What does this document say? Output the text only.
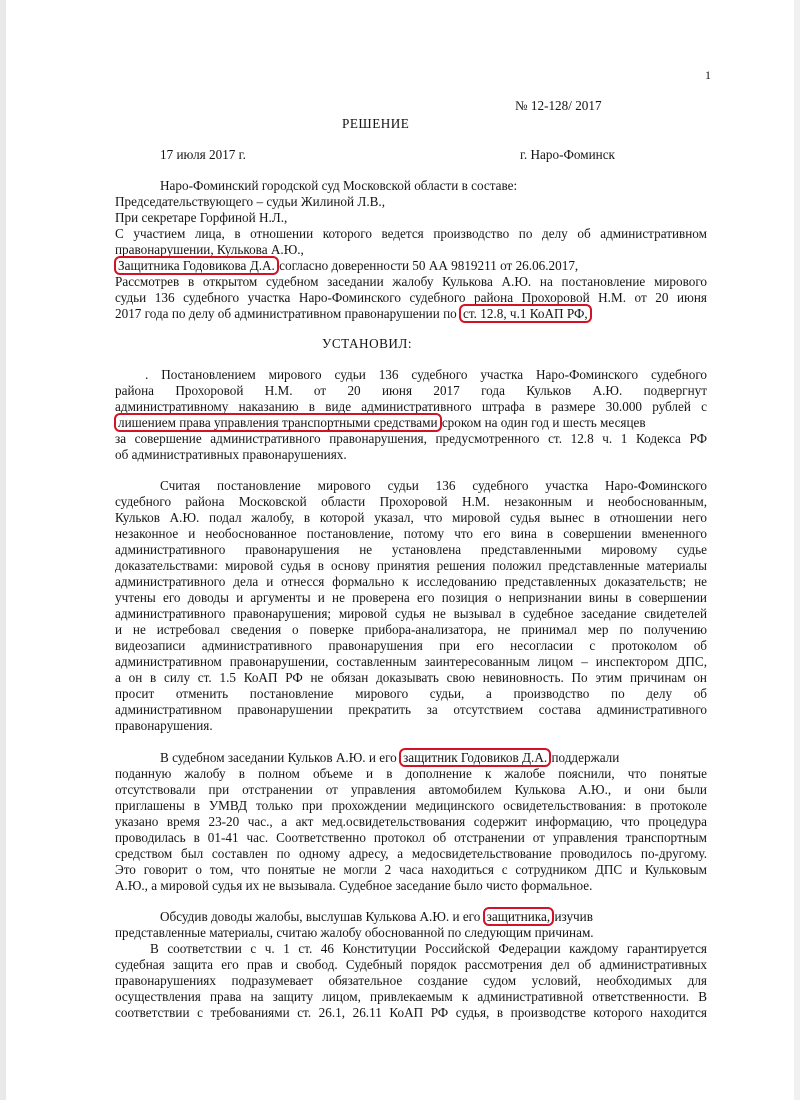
1
№ 12-128/ 2017
РЕШЕНИЕ
17 июля 2017 г.	г. Наро-Фоминск
Наро-Фоминский городской суд Московской области в составе:
Председательствующего – судьи Жилиной Л.В.,
При секретаре Горфиной Н.Л.,
С участием лица, в отношении которого ведется производство по делу об административном
правонарушении, Кулькова А.Ю.,
Защитника Годовикова Д.А. согласно доверенности 50 АА 9819211 от 26.06.2017,
Рассмотрев в открытом судебном заседании жалобу Кулькова А.Ю. на постановление мирового
судьи 136 судебного участка Наро-Фоминского судебного района Прохоровой Н.М. от 20 июня
2017 года по делу об административном правонарушении по ст. 12.8, ч.1 КоАП РФ,
УСТАНОВИЛ:
. Постановлением мирового судьи 136 судебного участка Наро-Фоминского судебного
района Прохоровой Н.М. от 20 июня 2017 года Кульков А.Ю. подвергнут
административному наказанию в виде административного штрафа в размере 30.000 рублей с
лишением права управления транспортными средствами сроком на один год и шесть месяцев
за совершение административного правонарушения, предусмотренного ст. 12.8 ч. 1 Кодекса РФ
об административных правонарушениях.
Считая постановление мирового судьи 136 судебного участка Наро-Фоминского
судебного района Московской области Прохоровой Н.М. незаконным и необоснованным,
Кульков А.Ю. подал жалобу, в которой указал, что мировой судья вынес в отношении него
незаконное и необоснованное постановление, потому что его вина в совершении вмененного
административного правонарушения не установлена представленными мировому судье
доказательствами: мировой судья в основу принятия решения положил представленные материалы
административного дела и отнесся формально к исследованию представленных доказательств; не
учтены его доводы и аргументы и не проверена его позиция о непризнании вины в совершении
административного правонарушения; мировой судья не вызывал в судебное заседание свидетелей
и не истребовал сведения о поверке прибора-анализатора, не принимал мер по получению
видеозаписи административного правонарушения при его несогласии с протоколом об
административном правонарушении, составленным заинтересованным лицом – инспектором ДПС,
а он в силу ст. 1.5 КоАП РФ не обязан доказывать свою невиновность. По этим причинам он
просит отменить постановление мирового судьи, а производство по делу об
административном правонарушении прекратить за отсутствием состава административного
правонарушения.
В судебном заседании Кульков А.Ю. и его защитник Годовиков Д.А. поддержали
поданную жалобу в полном объеме и в дополнение к жалобе пояснили, что понятые
отсутствовали при отстранении от управления автомобилем Кулькова А.Ю., и они были
приглашены в УМВД только при прохождении медицинского освидетельствования: в протоколе
указано время 23-20 час., а акт мед.освидетельствования содержит информацию, что процедура
проводилась в 01-41 час. Соответственно протокол об отстранении от управления транспортным
средством был составлен по одному адресу, а медосвидетельствование проводилось по-другому.
Это говорит о том, что понятые не могли 2 часа находиться с сотрудником ДПС и Кульковым
А.Ю., а мировой судья их не вызывала. Судебное заседание было чисто формальное.
Обсудив доводы жалобы, выслушав Кулькова А.Ю. и его защитника, изучив
представленные материалы, считаю жалобу обоснованной по следующим причинам.
В соответствии с ч. 1 ст. 46 Конституции Российской Федерации каждому гарантируется
судебная защита его прав и свобод. Судебный порядок рассмотрения дел об административных
правонарушениях подразумевает обязательное создание судом условий, необходимых для
осуществления права на защиту лицом, привлекаемым к административной ответственности. В
соответствии с требованиями ст. 26.1, 26.11 КоАП РФ судья, в производстве которого находится
